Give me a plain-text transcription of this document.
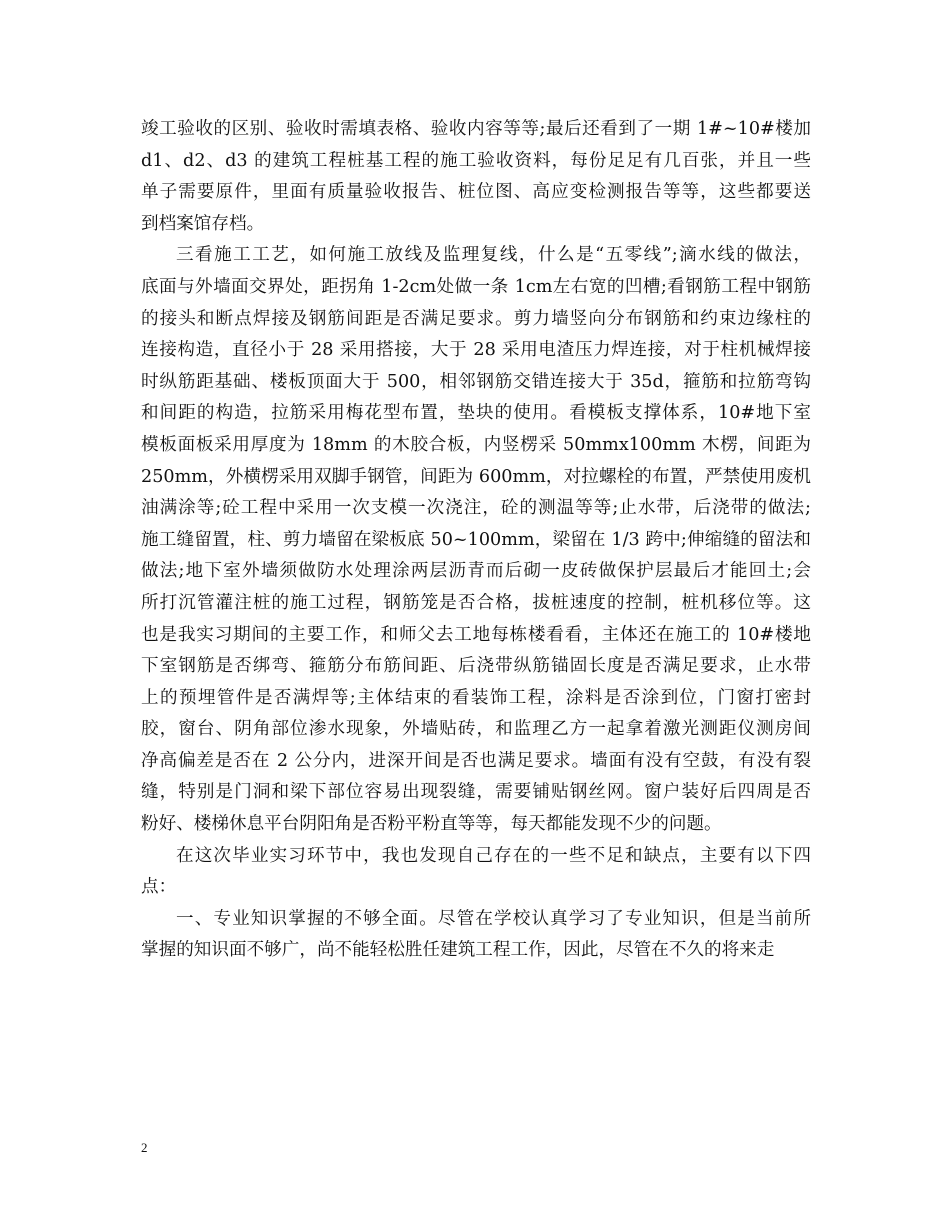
竣工验收的区别、验收时需填表格、验收内容等等;最后还看到了一期 1#~10#楼加
d1、d2、d3 的建筑工程桩基工程的施工验收资料，每份足足有几百张，并且一些
单子需要原件，里面有质量验收报告、桩位图、高应变检测报告等等，这些都要送
到档案馆存档。
三看施工工艺，如何施工放线及监理复线，什么是“五零线”;滴水线的做法，
底面与外墙面交界处，距拐角 1-2cm处做一条 1cm左右宽的凹槽;看钢筋工程中钢筋
的接头和断点焊接及钢筋间距是否满足要求。剪力墙竖向分布钢筋和约束边缘柱的
连接构造，直径小于 28 采用搭接，大于 28 采用电渣压力焊连接，对于柱机械焊接
时纵筋距基础、楼板顶面大于 500，相邻钢筋交错连接大于 35d，箍筋和拉筋弯钩
和间距的构造，拉筋采用梅花型布置，垫块的使用。看模板支撑体系，10#地下室
模板面板采用厚度为 18mm 的木胶合板，内竖楞采 50mmx100mm 木楞，间距为
250mm，外横楞采用双脚手钢管，间距为 600mm，对拉螺栓的布置，严禁使用废机
油满涂等;砼工程中采用一次支模一次浇注，砼的测温等等;止水带，后浇带的做法;
施工缝留置，柱、剪力墙留在梁板底 50~100mm，梁留在 1/3 跨中;伸缩缝的留法和
做法;地下室外墙须做防水处理涂两层沥青而后砌一皮砖做保护层最后才能回土;会
所打沉管灌注桩的施工过程，钢筋笼是否合格，拔桩速度的控制，桩机移位等。这
也是我实习期间的主要工作，和师父去工地每栋楼看看，主体还在施工的 10#楼地
下室钢筋是否绑弯、箍筋分布筋间距、后浇带纵筋锚固长度是否满足要求，止水带
上的预埋管件是否满焊等;主体结束的看装饰工程，涂料是否涂到位，门窗打密封
胶，窗台、阴角部位渗水现象，外墙贴砖，和监理乙方一起拿着激光测距仪测房间
净高偏差是否在 2 公分内，进深开间是否也满足要求。墙面有没有空鼓，有没有裂
缝，特别是门洞和梁下部位容易出现裂缝，需要铺贴钢丝网。窗户装好后四周是否
粉好、楼梯休息平台阴阳角是否粉平粉直等等，每天都能发现不少的问题。
在这次毕业实习环节中，我也发现自己存在的一些不足和缺点，主要有以下四
点：
一、专业知识掌握的不够全面。尽管在学校认真学习了专业知识，但是当前所
掌握的知识面不够广，尚不能轻松胜任建筑工程工作，因此，尽管在不久的将来走
2
